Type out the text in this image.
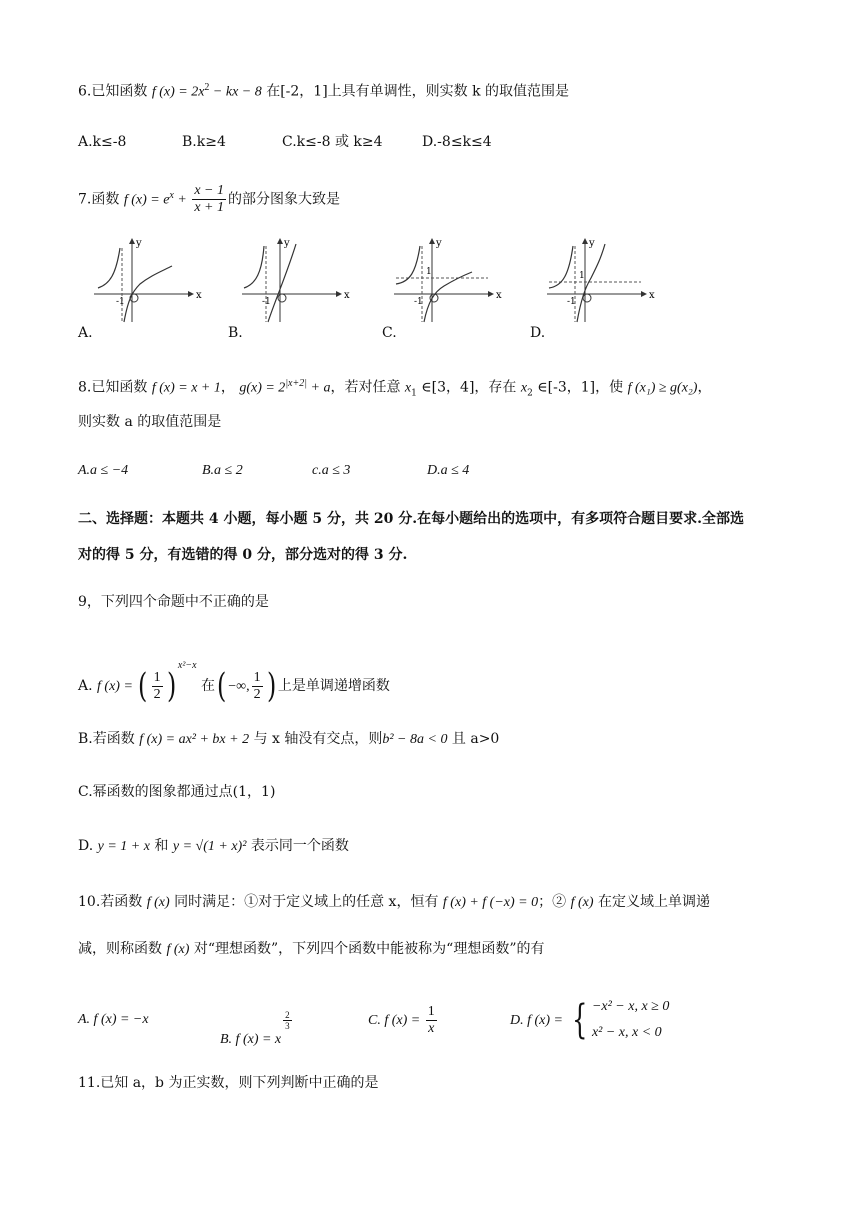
6.已知函数 f $(x) = 2x^2$ − kx − 8 在[-2，1]上具有单调性，则实数 k 的取值范围是
A.k≤-8	B.k≥4	C.k≤-8 或 k≥4	D.-8≤k≤4
7.函数 f $(x) = e^x + \frac{x - 1}{x + 1}$ 的部分图象大致是
y
x
-1
A.
y
x
-1
B.
y
x
1
-1
C.
y
x
1
-1
D.
8.已知函数 f (x) = x + 1， $g(x) = 2^{|x+2|} + a$，若对任意 $x_1$ ∈[3，4]，存在 $x_2$ ∈[-3，1]，使 f (x₁) ≥ g(x₂)，
则实数 a 的取值范围是
A.a ≤ −4	B.a ≤ 2	c.a ≤ 3	D.a ≤ 4
二、选择题：本题共 4 小题，每小题 5 分，共 20 分.在每小题给出的选项中，有多项符合题目要求.全部选
对的得 5 分，有选错的得 0 分，部分选对的得 3 分.
9，下列四个命题中不正确的是
A. f (x) = ( $\frac{1}{2} )^{x^2-x}$ 在( −∞, $\frac{1}{2}$ ) 上是单调递增函数
B.若函数 f (x) = ax² + bx + 2 与 x 轴没有交点，则b² − 8a < 0 且 a>0
C.幂函数的图象都通过点(1，1)
D. y = 1 + x 和 y = √(1 + x)² 表示同一个函数
10.若函数 f (x) 同时满足：①对于定义域上的任意 x，恒有 f (x) + f (−x) = 0；② f (x) 在定义域上单调递
减，则称函数 f (x) 对“理想函数”，下列四个函数中能被称为“理想函数”的有
A. f (x) = −x
B. f (x) = x
$\frac{2}{3}$	C. f $(x) = \frac{1}{x}$	D. f (x) = { −x² − x, x ≥ 0
x² − x, x < 0
11.已知 a，b 为正实数，则下列判断中正确的是
